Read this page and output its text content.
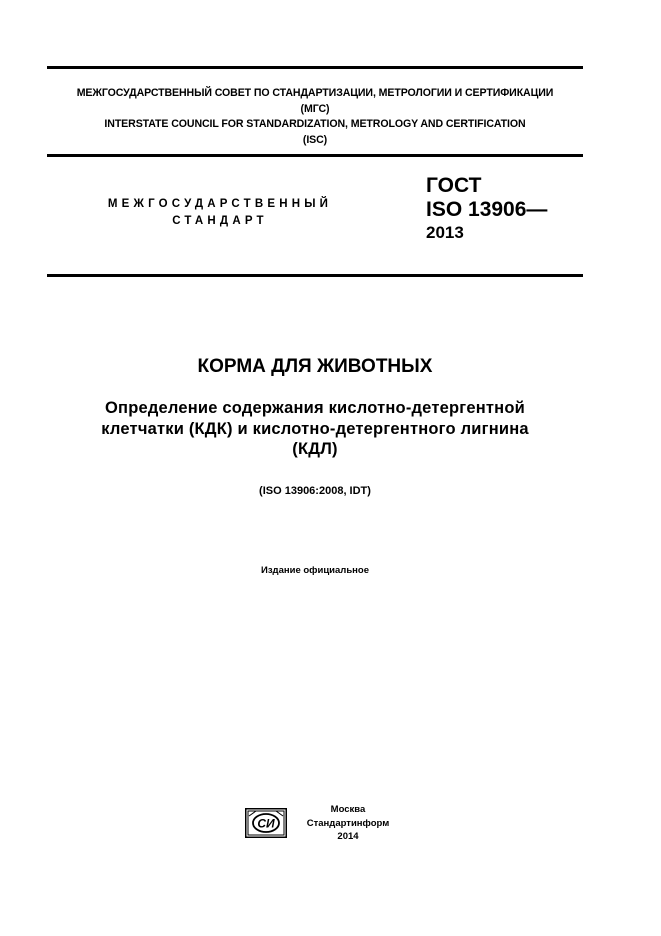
МЕЖГОСУДАРСТВЕННЫЙ СОВЕТ ПО СТАНДАРТИЗАЦИИ, МЕТРОЛОГИИ И СЕРТИФИКАЦИИ
(МГС)
INTERSTATE COUNCIL FOR STANDARDIZATION, METROLOGY AND CERTIFICATION
(ISC)
МЕЖГОСУДАРСТВЕННЫЙ
СТАНДАРТ
ГОСТ
ISO 13906—
2013
КОРМА ДЛЯ ЖИВОТНЫХ
Определение содержания кислотно-детергентной
клетчатки (КДК) и кислотно-детергентного лигнина
(КДЛ)
(ISO 13906:2008, IDT)
Издание официальное
СИ
Москва
Стандартинформ
2014
